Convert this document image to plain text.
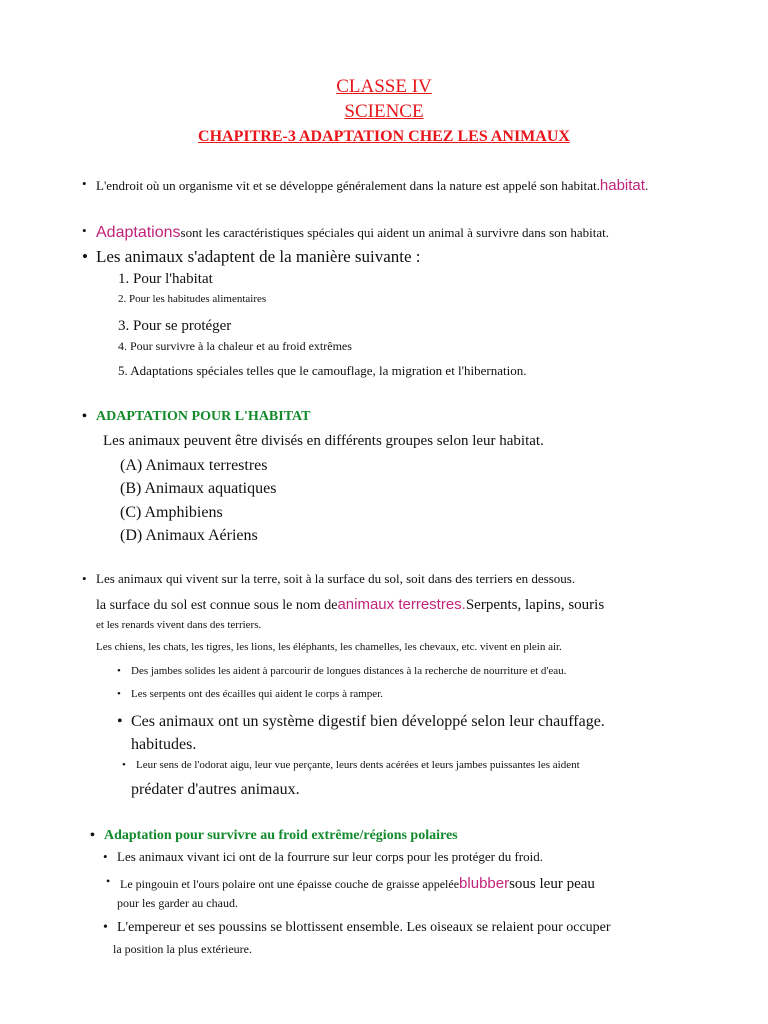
CLASSE IV
SCIENCE
CHAPITRE-3 ADAPTATION CHEZ LES ANIMAUX
• L'endroit où un organisme vit et se développe généralement dans la nature est appelé son habitat.habitat.
• Adaptationssont les caractéristiques spéciales qui aident un animal à survivre dans son habitat.
• Les animaux s'adaptent de la manière suivante :
1. Pour l'habitat
2. Pour les habitudes alimentaires
3. Pour se protéger
4. Pour survivre à la chaleur et au froid extrêmes
5. Adaptations spéciales telles que le camouflage, la migration et l'hibernation.
• ADAPTATION POUR L'HABITAT
Les animaux peuvent être divisés en différents groupes selon leur habitat.
(A) Animaux terrestres
(B) Animaux aquatiques
(C) Amphibiens
(D) Animaux Aériens
• Les animaux qui vivent sur la terre, soit à la surface du sol, soit dans des terriers en dessous.
la surface du sol est connue sous le nom deanimaux terrestres.Serpents, lapins, souris
et les renards vivent dans des terriers.
Les chiens, les chats, les tigres, les lions, les éléphants, les chamelles, les chevaux, etc. vivent en plein air.
• Des jambes solides les aident à parcourir de longues distances à la recherche de nourriture et d'eau.
• Les serpents ont des écailles qui aident le corps à ramper.
• Ces animaux ont un système digestif bien développé selon leur chauffage.
habitudes.
• Leur sens de l'odorat aigu, leur vue perçante, leurs dents acérées et leurs jambes puissantes les aident
prédater d'autres animaux.
• Adaptation pour survivre au froid extrême/régions polaires
• Les animaux vivant ici ont de la fourrure sur leur corps pour les protéger du froid.
• Le pingouin et l'ours polaire ont une épaisse couche de graisse appeléeblubbersous leur peau
pour les garder au chaud.
• L'empereur et ses poussins se blottissent ensemble. Les oiseaux se relaient pour occuper
la position la plus extérieure.
